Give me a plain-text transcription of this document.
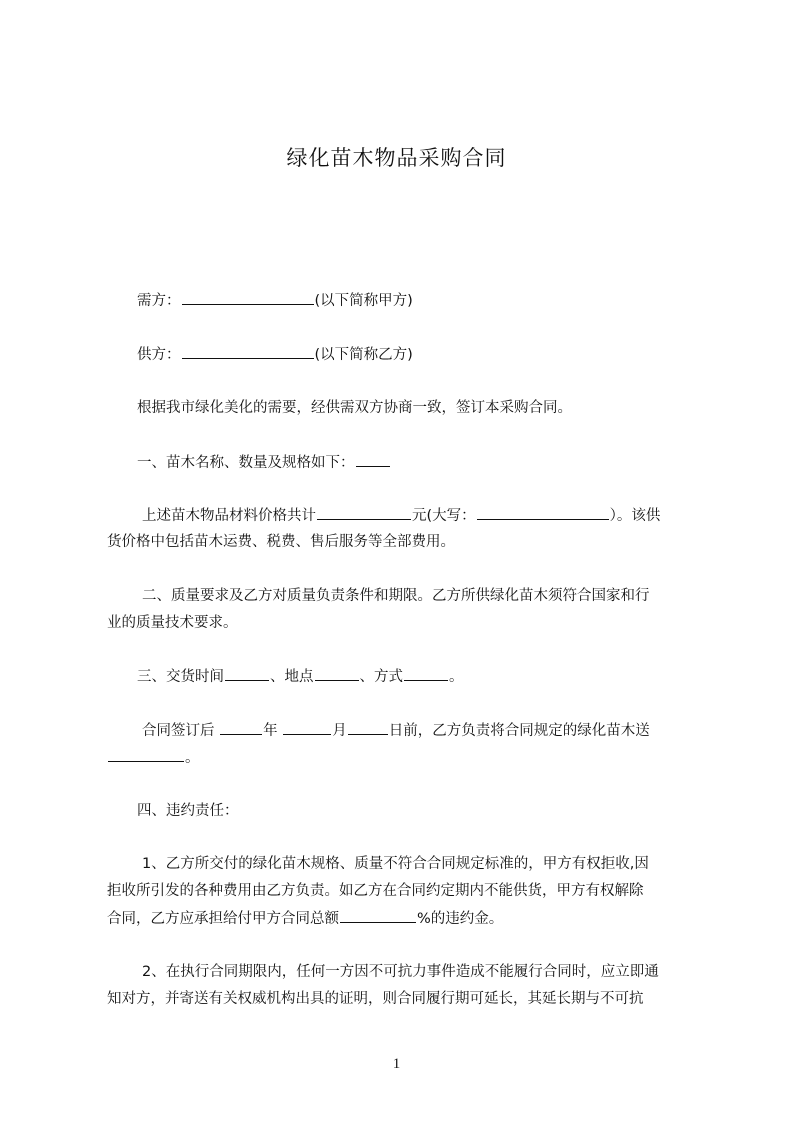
绿化苗木物品采购合同
需方：	(以下简称甲方)
供方：	(以下简称乙方)
根据我市绿化美化的需要，经供需双方协商一致，签订本采购合同。
一、苗木名称、数量及规格如下：
上述苗木物品材料价格共计	元(大写：	）。该供
货价格中包括苗木运费、税费、售后服务等全部费用。
二、质量要求及乙方对质量负责条件和期限。乙方所供绿化苗木须符合国家和行
业的质量技术要求。
三、交货时间	、地点	、方式	。
合同签订后	年	月	日前，乙方负责将合同规定的绿化苗木送
。
四、违约责任：
1、乙方所交付的绿化苗木规格、质量不符合合同规定标准的，甲方有权拒收,因
拒收所引发的各种费用由乙方负责。如乙方在合同约定期内不能供货，甲方有权解除
合同，乙方应承担给付甲方合同总额	%的违约金。
2、在执行合同期限内，任何一方因不可抗力事件造成不能履行合同时，应立即通
知对方，并寄送有关权威机构出具的证明，则合同履行期可延长，其延长期与不可抗
1
